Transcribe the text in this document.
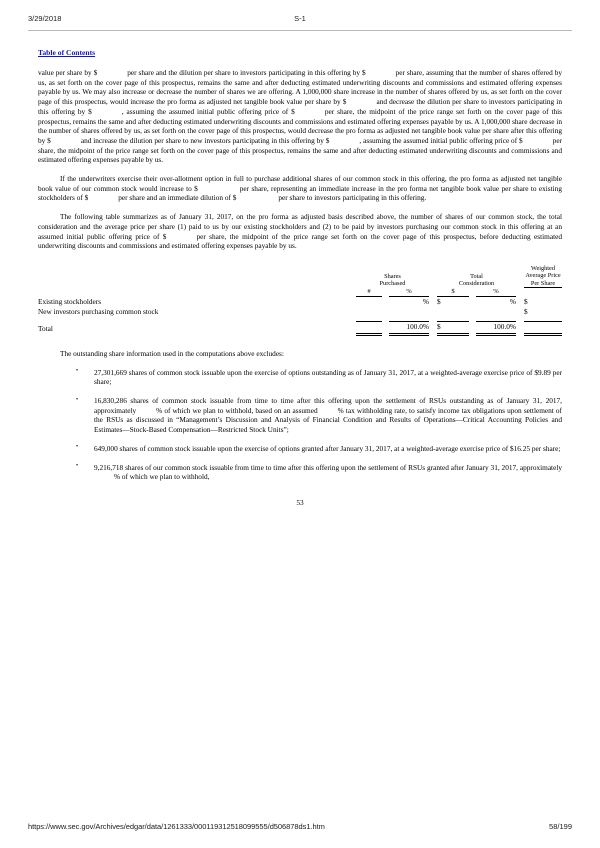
3/29/2018	S-1
Table of Contents

value per share by $	per share and the dilution per share to investors participating in this offering by $	per share, assuming that the number of shares offered by us, as set forth on the cover page of this prospectus, remains the same and after deducting estimated underwriting discounts and commissions and estimated offering expenses payable by us. We may also increase or decrease the number of shares we are offering. A 1,000,000 share increase in the number of shares offered by us, as set forth on the cover page of this prospectus, would increase the pro forma as adjusted net tangible book value per share by $	and decrease the dilution per share to investors participating in this offering by $	, assuming the assumed initial public offering price of $	per share, the midpoint of the price range set forth on the cover page of this prospectus, remains the same and after deducting estimated underwriting discounts and commissions and estimated offering expenses payable by us. A 1,000,000 share decrease in the number of shares offered by us, as set forth on the cover page of this prospectus, would decrease the pro forma as adjusted net tangible book value per share after this offering by $	and increase the dilution per share to new investors participating in this offering by $	, assuming the assumed initial public offering price of $	per share, the midpoint of the price range set forth on the cover page of this prospectus, remains the same and after deducting estimated underwriting discounts and commissions and estimated offering expenses payable by us.

If the underwriters exercise their over-allotment option in full to purchase additional shares of our common stock in this offering, the pro forma as adjusted net tangible book value of our common stock would increase to $	per share, representing an immediate increase in the pro forma net tangible book value per share to existing stockholders of $	per share and an immediate dilution of $	per share to investors participating in this offering.

The following table summarizes as of January 31, 2017, on the pro forma as adjusted basis described above, the number of shares of our common stock, the total consideration and the average price per share (1) paid to us by our existing stockholders and (2) to be paid by investors purchasing our common stock in this offering at an assumed initial public offering price of $	per share, the midpoint of the price range set forth on the cover page of this prospectus, before deducting estimated underwriting discounts and commissions and estimated offering expenses payable by us.

Shares
Purchased

Total
Consideration

Weighted
Average Price
Per Share

		#		%		$		%		
Existing stockholders				%		$		%		$
New investors purchasing common stock										$

Total				100.0%		$		100.0%		

The outstanding share information used in the computations above excludes:

• 27,301,669 shares of common stock issuable upon the exercise of options outstanding as of January 31, 2017, at a weighted-average exercise price of $9.89 per share;
• 16,830,286 shares of common stock issuable from time to time after this offering upon the settlement of RSUs outstanding as of January 31, 2017, approximately	% of which we plan to withhold, based on an assumed	% tax withholding rate, to satisfy income tax obligations upon settlement of the RSUs as discussed in “Management’s Discussion and Analysis of Financial Condition and Results of Operations—Critical Accounting Policies and Estimates—Stock-Based Compensation—Restricted Stock Units”;
• 649,000 shares of common stock issuable upon the exercise of options granted after January 31, 2017, at a weighted-average exercise price of $16.25 per share;
• 9,216,718 shares of our common stock issuable from time to time after this offering upon the settlement of RSUs granted after January 31, 2017, approximately% of which we plan to withhold,
53
https://www.sec.gov/Archives/edgar/data/1261333/000119312518099555/d506878ds1.htm	58/199
